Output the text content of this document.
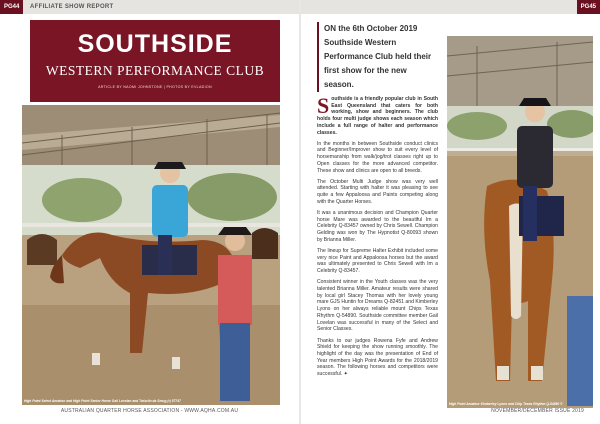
PG44	AFFILIATE SHOW REPORT
SOUTHSIDE
WESTERN PERFORMANCE CLUB
ARTICLE BY NAOMI JOHNSTONE | PHOTOS BY EVLADION
High Point Select Amateur and High Point Senior Horse Gail Lovelan and Twizzlin da Smug (r) 57747
AUSTRALIAN QUARTER HORSE ASSOCIATION - WWW.AQHA.COM.AU
PG45
ON the 6th October 2019 Southside Western Performance Club held their first show for the new season.

Southside is a friendly popular club in South East Queensland that caters for both working, show and beginners. The club holds four multi judge shows each season which include a full range of halter and performance classes.

In the months in between Southside conduct clinics and Beginner/Improver show to suit every level of horsemanship from walk/jog/trot classes right up to Open classes for the more advanced competitor. These show and clinics are open to all breeds.

The October Multi Judge show was very well attended. Starting with halter it was pleasing to see quite a few Appaloosa and Paints competing along with the Quarter Horses.

It was a unanimous decision and Champion Quarter horse Mare was awarded to the beautiful Im a Celebrity Q-83457 owned by Chris Sewell. Champion Gelding was won by The Hypnotist Q-80093 shown by Brianna Miller.

The lineup for Supreme Halter Exhibit included some very nice Paint and Appaloosa horses but the award was ultimately presented to Chris Sewell with Im a Celebrity Q-83457.

Consistent winner in the Youth classes was the very talented Brianna Miller. Amateur results were shared by local girl Stacey Thomas with her lovely young mare GJS Huntin for Dreams Q-82451 and Kimberley Lyons on her always reliable mount Chips Texas Rhythm Q-54890. Southside committee member Gail Lovelan was successful in many of the Select and Senior Classes.

Thanks to our judges Rowena Fyfe and Andrew Shield for keeping the show running smoothly. The highlight of the day was the presentation of End of Year members High Point Awards for the 2018/2019 season. The following horses and competitors were successful. ✦

High Point Amateur Kimberley Lyons and Chip Texas Rhythm Q-54890 ©
NOVEMBER/DECEMBER ISSUE 2019
